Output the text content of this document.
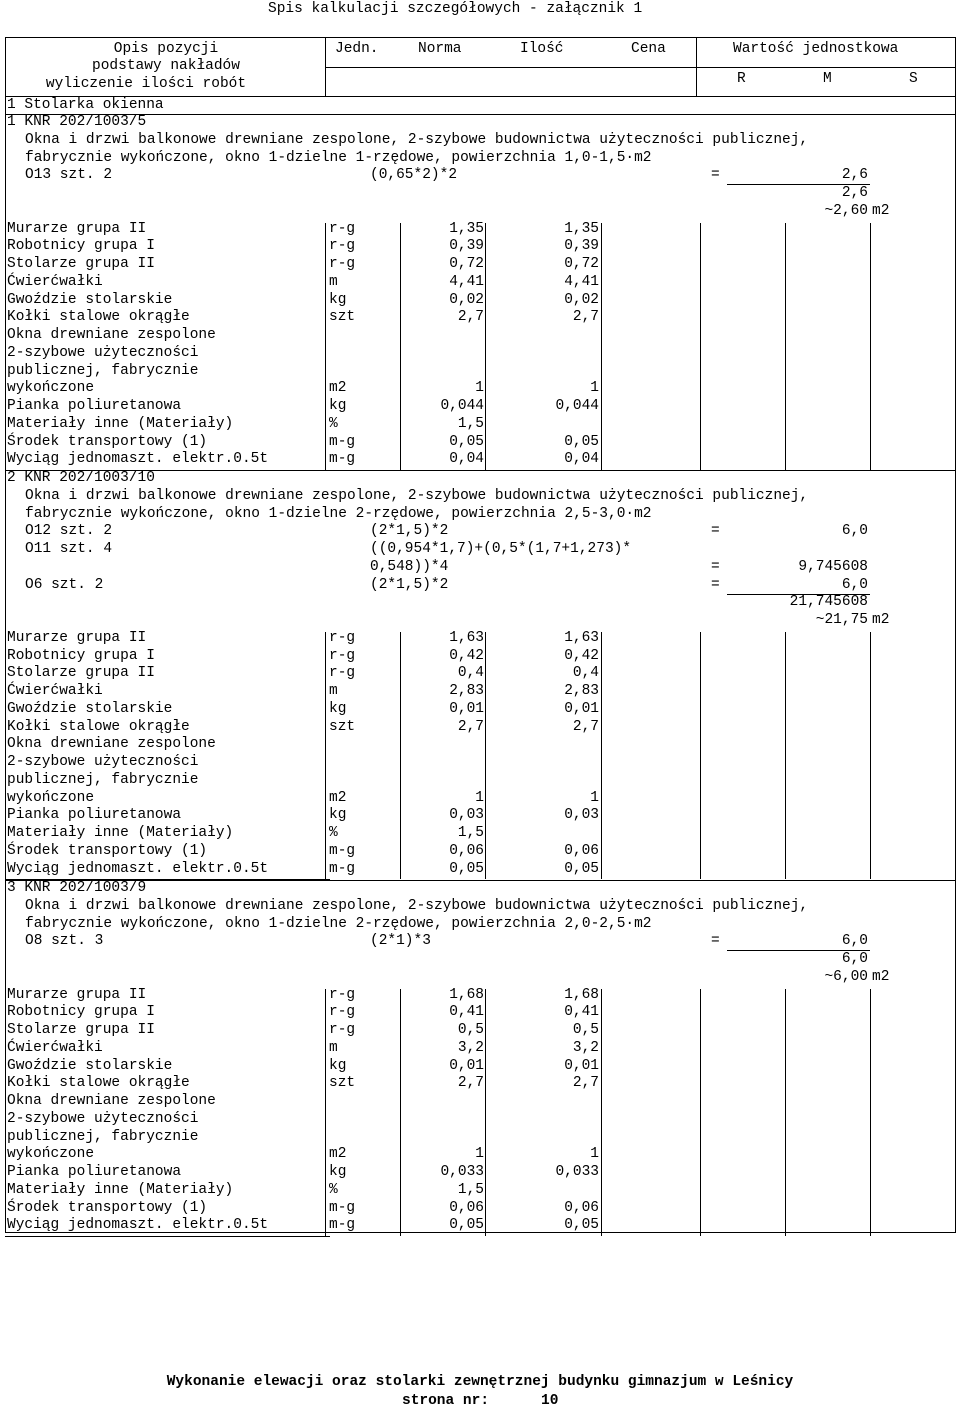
Spis kalkulacji szczegółowych - załącznik 1
Opis pozycji
podstawy nakładów
wyliczenie ilości robót
Jedn.	Norma	Ilość	Cena	Wartość jednostkowa
R	M	S
1 Stolarka okienna
1 KNR 202/1003/5
Okna i drzwi balkonowe drewniane zespolone, 2-szybowe budownictwa użyteczności publicznej,
fabrycznie wykończone, okno 1-dzielne 1-rzędowe, powierzchnia 1,0-1,5·m2
O13 szt. 2	(0,65*2)*2	=	2,6
2,6
~2,60 m2
Murarze grupa II	r-g	1,35	1,35
Robotnicy grupa I	r-g	0,39	0,39
Stolarze grupa II	r-g	0,72	0,72
Ćwierćwałki	m	4,41	4,41
Gwoździe stolarskie	kg	0,02	0,02
Kołki stalowe okrągłe	szt	2,7	2,7
Okna drewniane zespolone
2-szybowe użyteczności
publicznej, fabrycznie
wykończone	m2	1	1
Pianka poliuretanowa	kg	0,044	0,044
Materiały inne (Materiały)	%	1,5
Środek transportowy (1)	m-g	0,05	0,05
Wyciąg jednomaszt. elektr.0.5t	m-g	0,04	0,04
2 KNR 202/1003/10
Okna i drzwi balkonowe drewniane zespolone, 2-szybowe budownictwa użyteczności publicznej,
fabrycznie wykończone, okno 1-dzielne 2-rzędowe, powierzchnia 2,5-3,0·m2
O12 szt. 2	(2*1,5)*2	=	6,0
O11 szt. 4	((0,954*1,7)+(0,5*(1,7+1,273)*
0,548))*4	=	9,745608
O6 szt. 2	(2*1,5)*2	=	6,0
21,745608
~21,75 m2
Murarze grupa II	r-g	1,63	1,63
Robotnicy grupa I	r-g	0,42	0,42
Stolarze grupa II	r-g	0,4	0,4
Ćwierćwałki	m	2,83	2,83
Gwoździe stolarskie	kg	0,01	0,01
Kołki stalowe okrągłe	szt	2,7	2,7
Okna drewniane zespolone
2-szybowe użyteczności
publicznej, fabrycznie
wykończone	m2	1	1
Pianka poliuretanowa	kg	0,03	0,03
Materiały inne (Materiały)	%	1,5
Środek transportowy (1)	m-g	0,06	0,06
Wyciąg jednomaszt. elektr.0.5t	m-g	0,05	0,05
3 KNR 202/1003/9
Okna i drzwi balkonowe drewniane zespolone, 2-szybowe budownictwa użyteczności publicznej,
fabrycznie wykończone, okno 1-dzielne 2-rzędowe, powierzchnia 2,0-2,5·m2
O8 szt. 3	(2*1)*3	=	6,0
6,0
~6,00 m2
Murarze grupa II	r-g	1,68	1,68
Robotnicy grupa I	r-g	0,41	0,41
Stolarze grupa II	r-g	0,5	0,5
Ćwierćwałki	m	3,2	3,2
Gwoździe stolarskie	kg	0,01	0,01
Kołki stalowe okrągłe	szt	2,7	2,7
Okna drewniane zespolone
2-szybowe użyteczności
publicznej, fabrycznie
wykończone	m2	1	1
Pianka poliuretanowa	kg	0,033	0,033
Materiały inne (Materiały)	%	1,5
Środek transportowy (1)	m-g	0,06	0,06
Wyciąg jednomaszt. elektr.0.5t	m-g	0,05	0,05
Wykonanie elewacji oraz stolarki zewnętrznej budynku gimnazjum w Leśnicy
strona nr:	10
